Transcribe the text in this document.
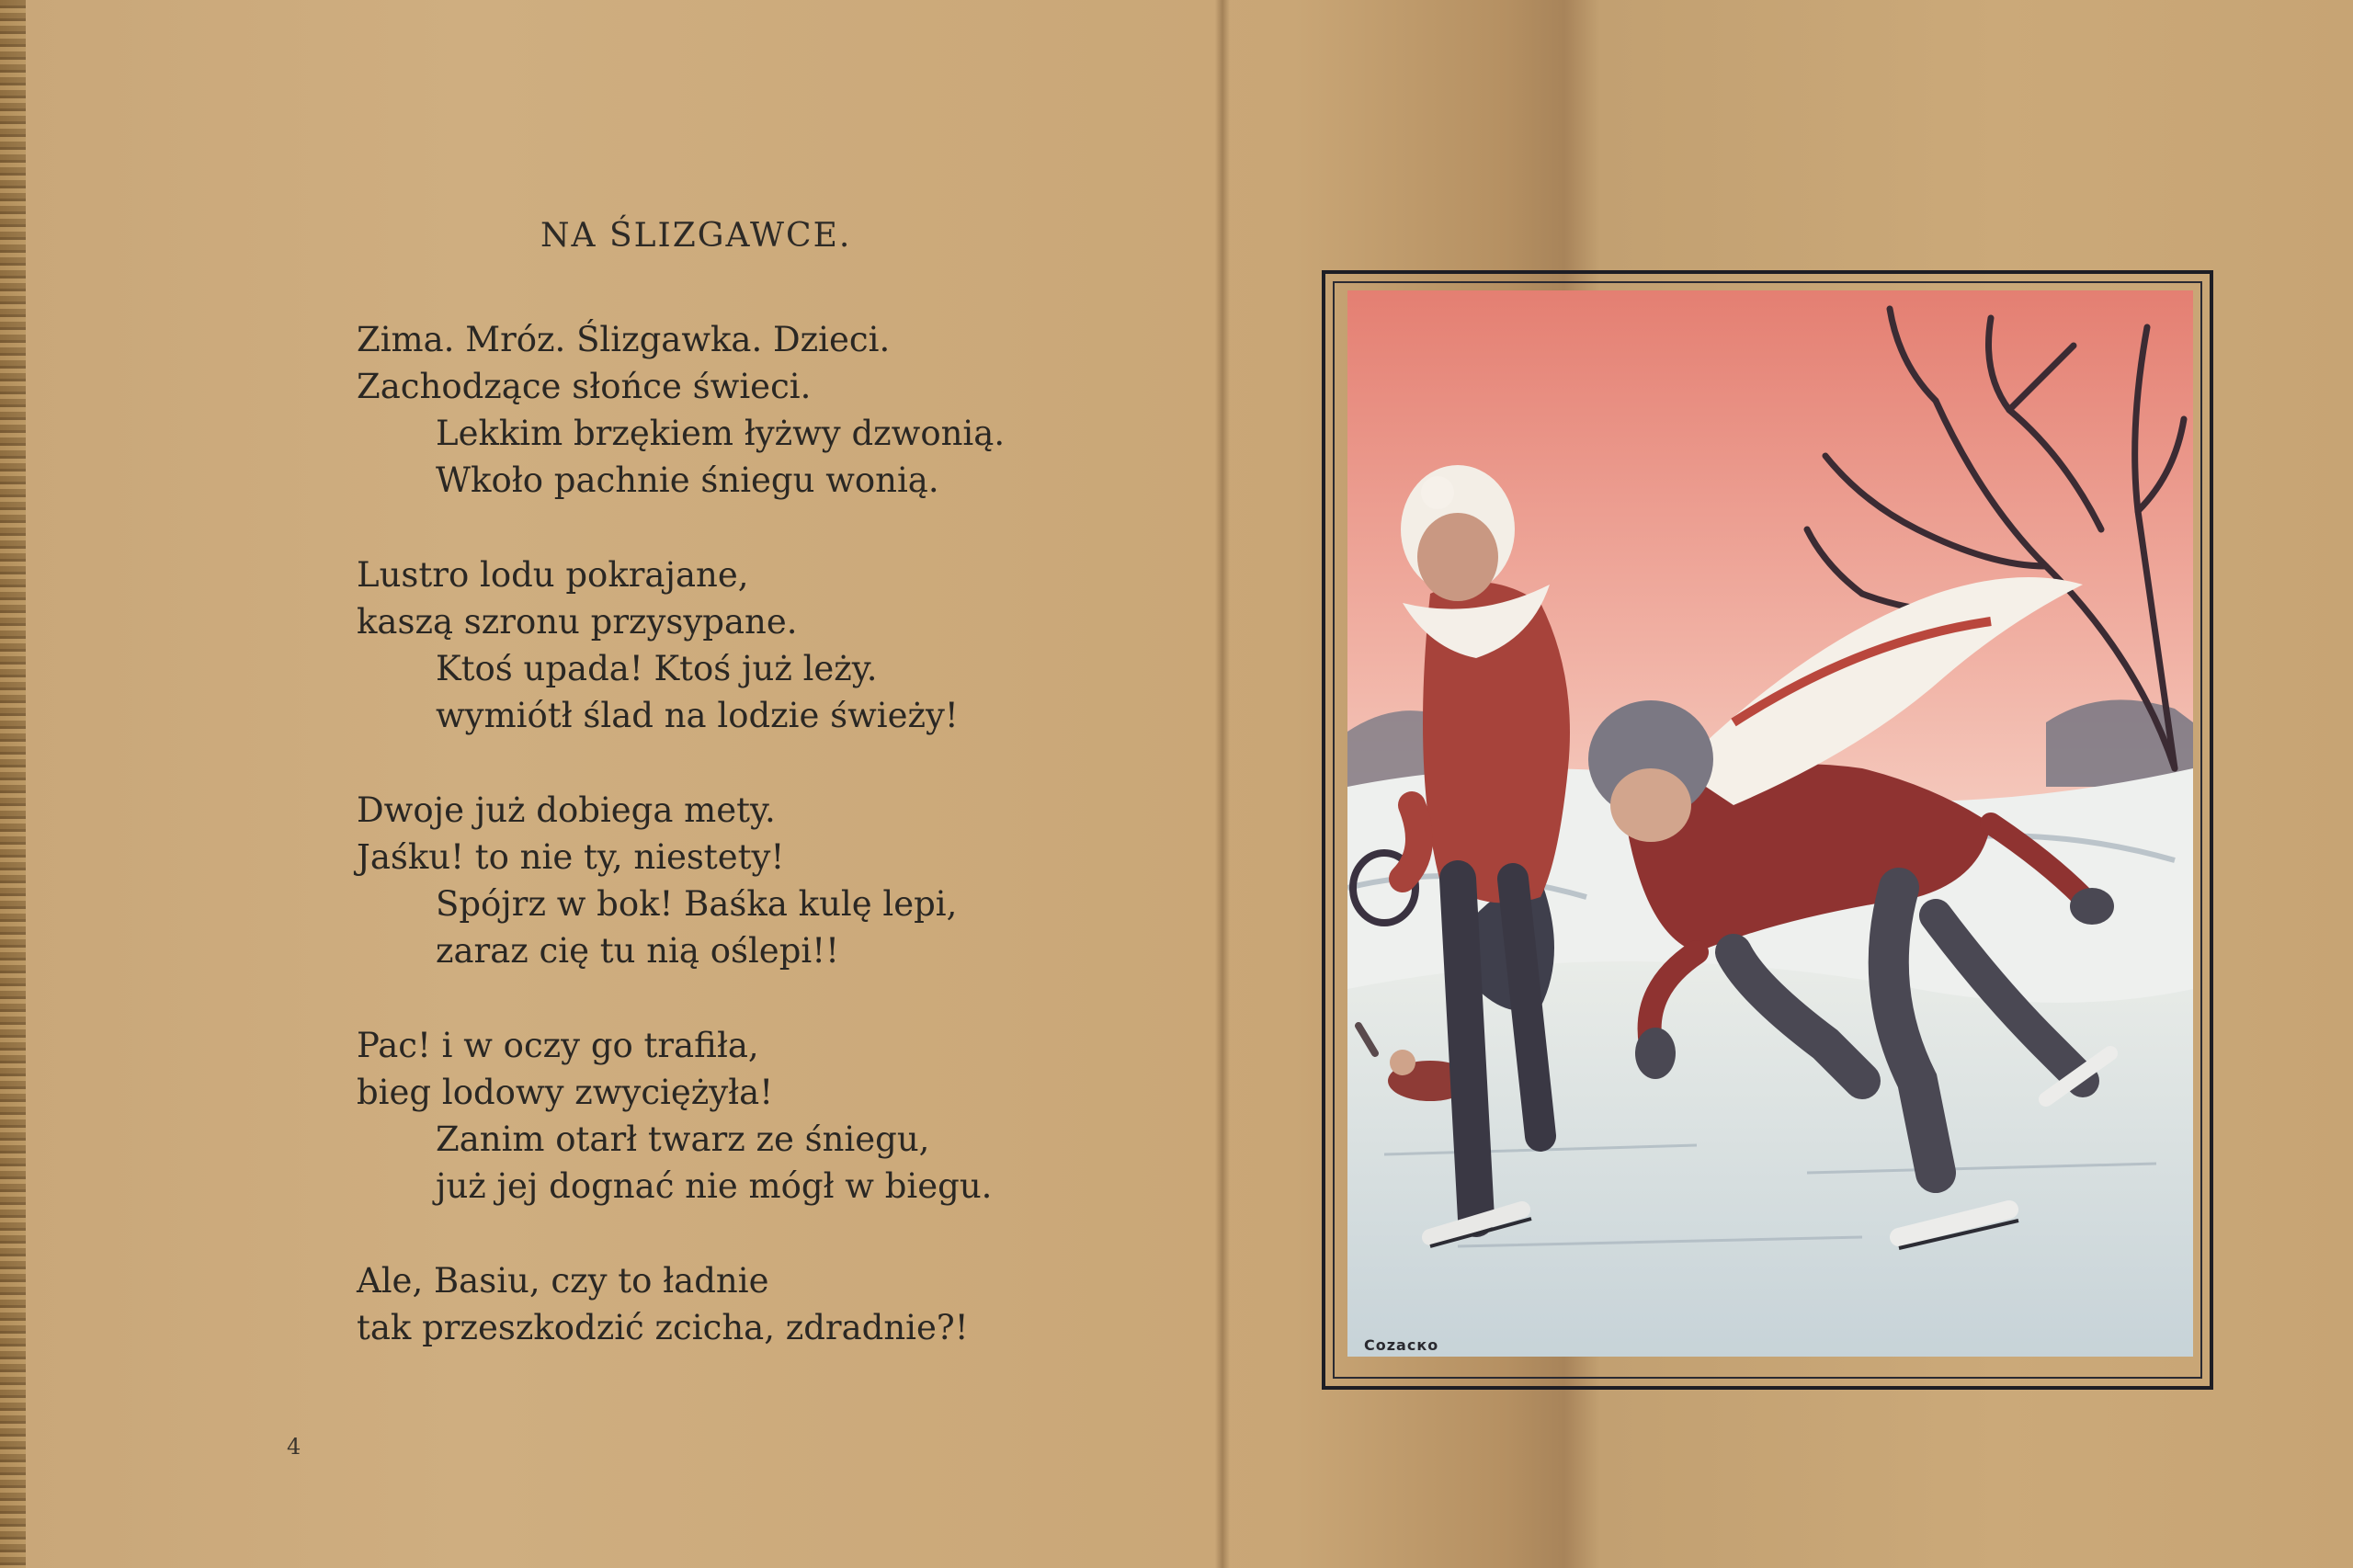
NA ŚLIZGAWCE.
Zima. Mróz. Ślizgawka. Dzieci.
Zachodzące słońce świeci.
Lekkim brzękiem łyżwy dzwonią.
Wkoło pachnie śniegu wonią.
Lustro lodu pokrajane,
kaszą szronu przysypane.
Ktoś upada! Ktoś już leży.
wymiótł ślad na lodzie świeży!
Dwoje już dobiega mety.
Jaśku! to nie ty, niestety!
Spójrz w bok! Baśka kulę lepi,
zaraz cię tu nią oślepi!!
Pac! i w oczy go trafiła,
bieg lodowy zwyciężyła!
Zanim otarł twarz ze śniegu,
już jej dognać nie mógł w biegu.
Ale, Basiu, czy to ładnie
tak przeszkodzić zcicha, zdradnie?!
4
Соzаско
